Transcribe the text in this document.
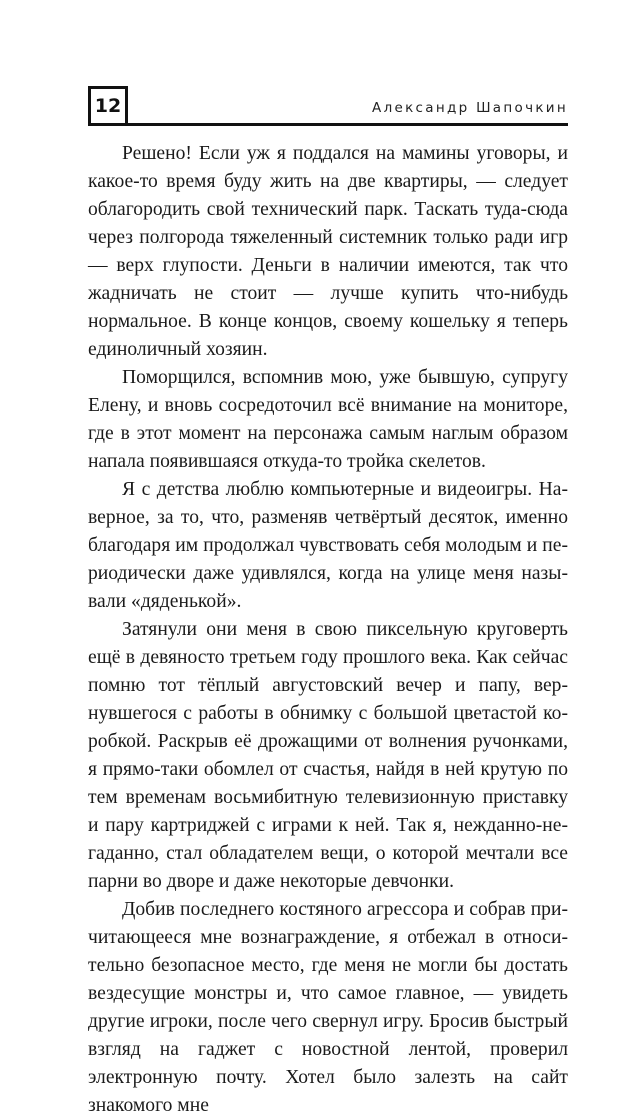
12	Александр Шапочкин

Решено! Если уж я поддался на мамины уговоры, и какое-то время буду жить на две квартиры, — следует облагородить свой технический парк. Таскать туда-сюда через полгорода тяжеленный системник только ради игр — верх глупости. Деньги в наличии имеются, так что жадничать не стоит — лучше купить что-нибудь нормальное. В конце концов, своему кошельку я теперь единоличный хозяин.

Поморщился, вспомнив мою, уже бывшую, супругу Елену, и вновь сосредоточил всё внимание на мониторе, где в этот момент на персонажа самым наглым образом напала появившаяся откуда-то тройка скелетов.

Я с детства люблю компьютерные и видеоигры. Наверное, за то, что, разменяв четвёртый десяток, именно благодаря им продолжал чувствовать себя молодым и периодически даже удивлялся, когда на улице меня называли «дяденькой».

Затянули они меня в свою пиксельную круговерть ещё в девяносто третьем году прошлого века. Как сейчас помню тот тёплый августовский вечер и папу, вернувшегося с работы в обнимку с большой цветастой коробкой. Раскрыв её дрожащими от волнения ручонками, я прямо-таки обомлел от счастья, найдя в ней крутую по тем временам восьмибитную телевизионную приставку и пару картриджей с играми к ней. Так я, нежданно-негаданно, стал обладателем вещи, о которой мечтали все парни во дворе и даже некоторые девчонки.

Добив последнего костяного агрессора и собрав причитающееся мне вознаграждение, я отбежал в относительно безопасное место, где меня не могли бы достать вездесущие монстры и, что самое главное, — увидеть другие игроки, после чего свернул игру. Бросив быстрый взгляд на гаджет с новостной лентой, проверил электронную почту. Хотел было залезть на сайт знакомого мне
